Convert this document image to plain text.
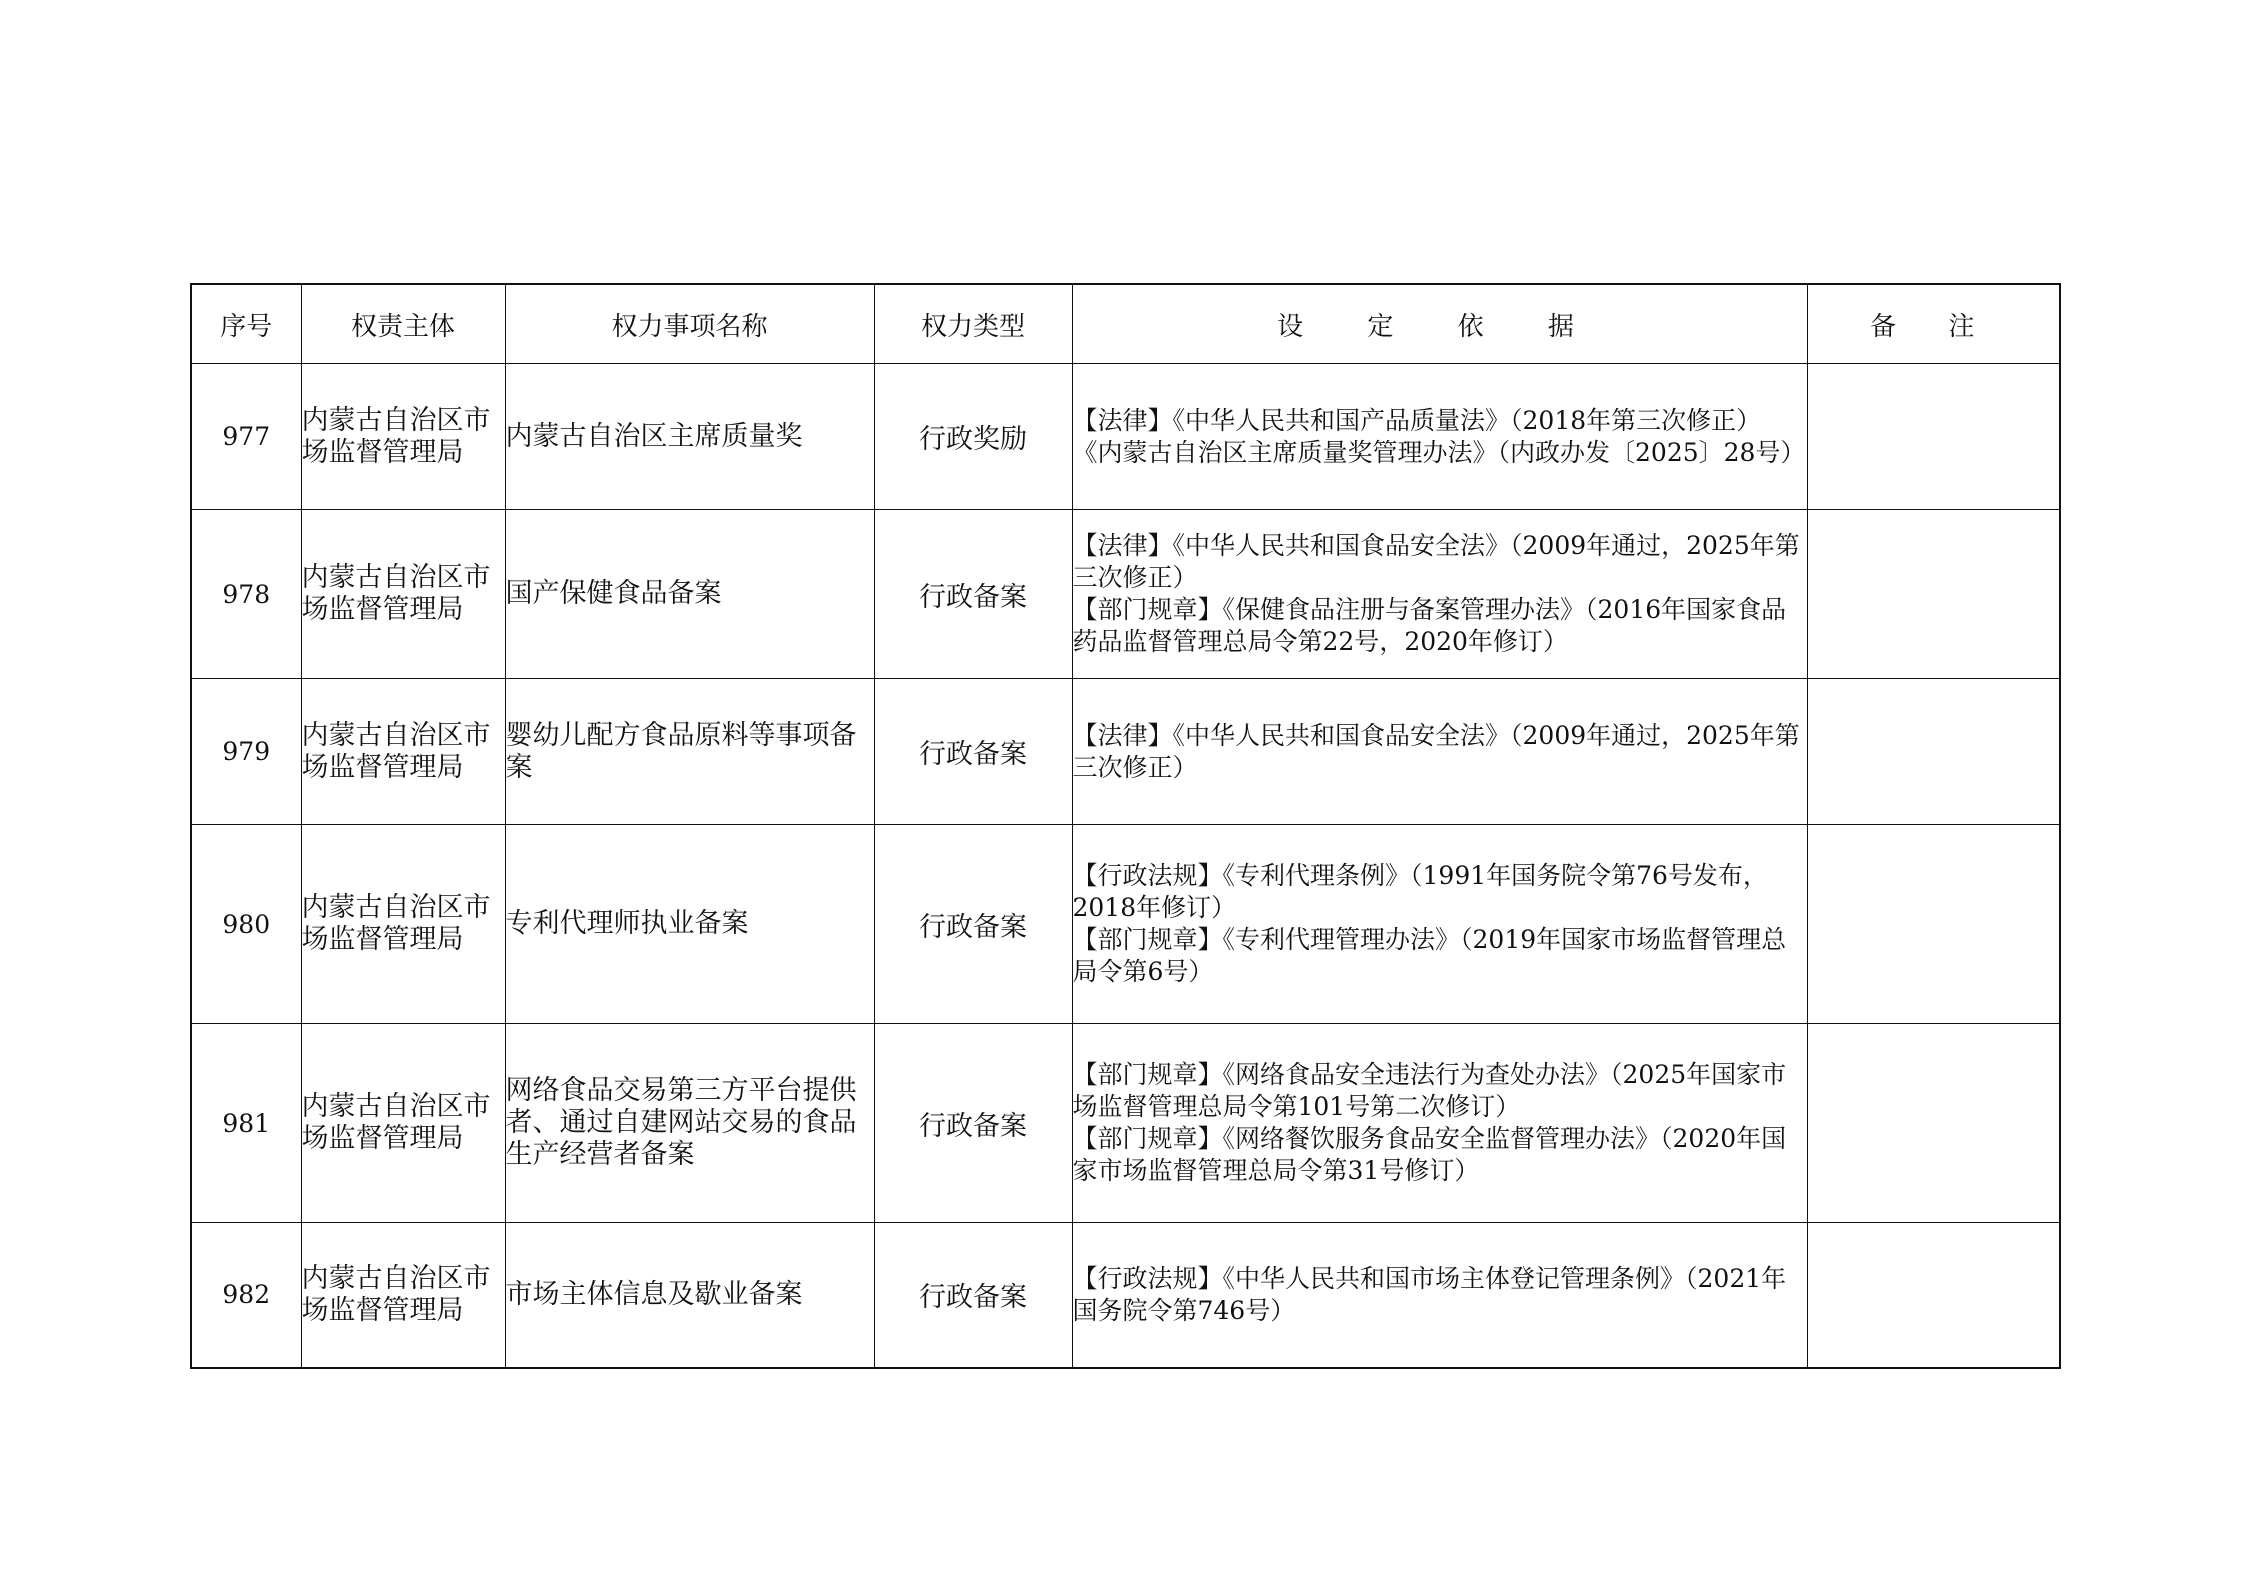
序号	权责主体	权力事项名称	权力类型	设 定 依 据	备 注
977	内蒙古自治区市场监督管理局	内蒙古自治区主席质量奖	行政奖励	【法律】《中华人民共和国产品质量法》（2018年第三次修正）
《内蒙古自治区主席质量奖管理办法》（内政办发〔2025〕28号）	

978	内蒙古自治区市场监督管理局	国产保健食品备案	行政备案	【法律】《中华人民共和国食品安全法》（2009年通过，2025年第三次修正）
【部门规章】《保健食品注册与备案管理办法》（2016年国家食品药品监督管理总局令第22号，2020年修订）	

979	内蒙古自治区市场监督管理局	婴幼儿配方食品原料等事项备案	行政备案	【法律】《中华人民共和国食品安全法》（2009年通过，2025年第三次修正）	

980	内蒙古自治区市场监督管理局	专利代理师执业备案	行政备案	【行政法规】《专利代理条例》（1991年国务院令第76号发布，2018年修订）
【部门规章】《专利代理管理办法》（2019年国家市场监督管理总局令第6号）	

981	内蒙古自治区市场监督管理局	网络食品交易第三方平台提供者、通过自建网站交易的食品生产经营者备案	行政备案	【部门规章】《网络食品安全违法行为查处办法》（2025年国家市场监督管理总局令第101号第二次修订）
【部门规章】《网络餐饮服务食品安全监督管理办法》（2020年国家市场监督管理总局令第31号修订）	

982	内蒙古自治区市场监督管理局	市场主体信息及歇业备案	行政备案	【行政法规】《中华人民共和国市场主体登记管理条例》（2021年国务院令第746号）	
